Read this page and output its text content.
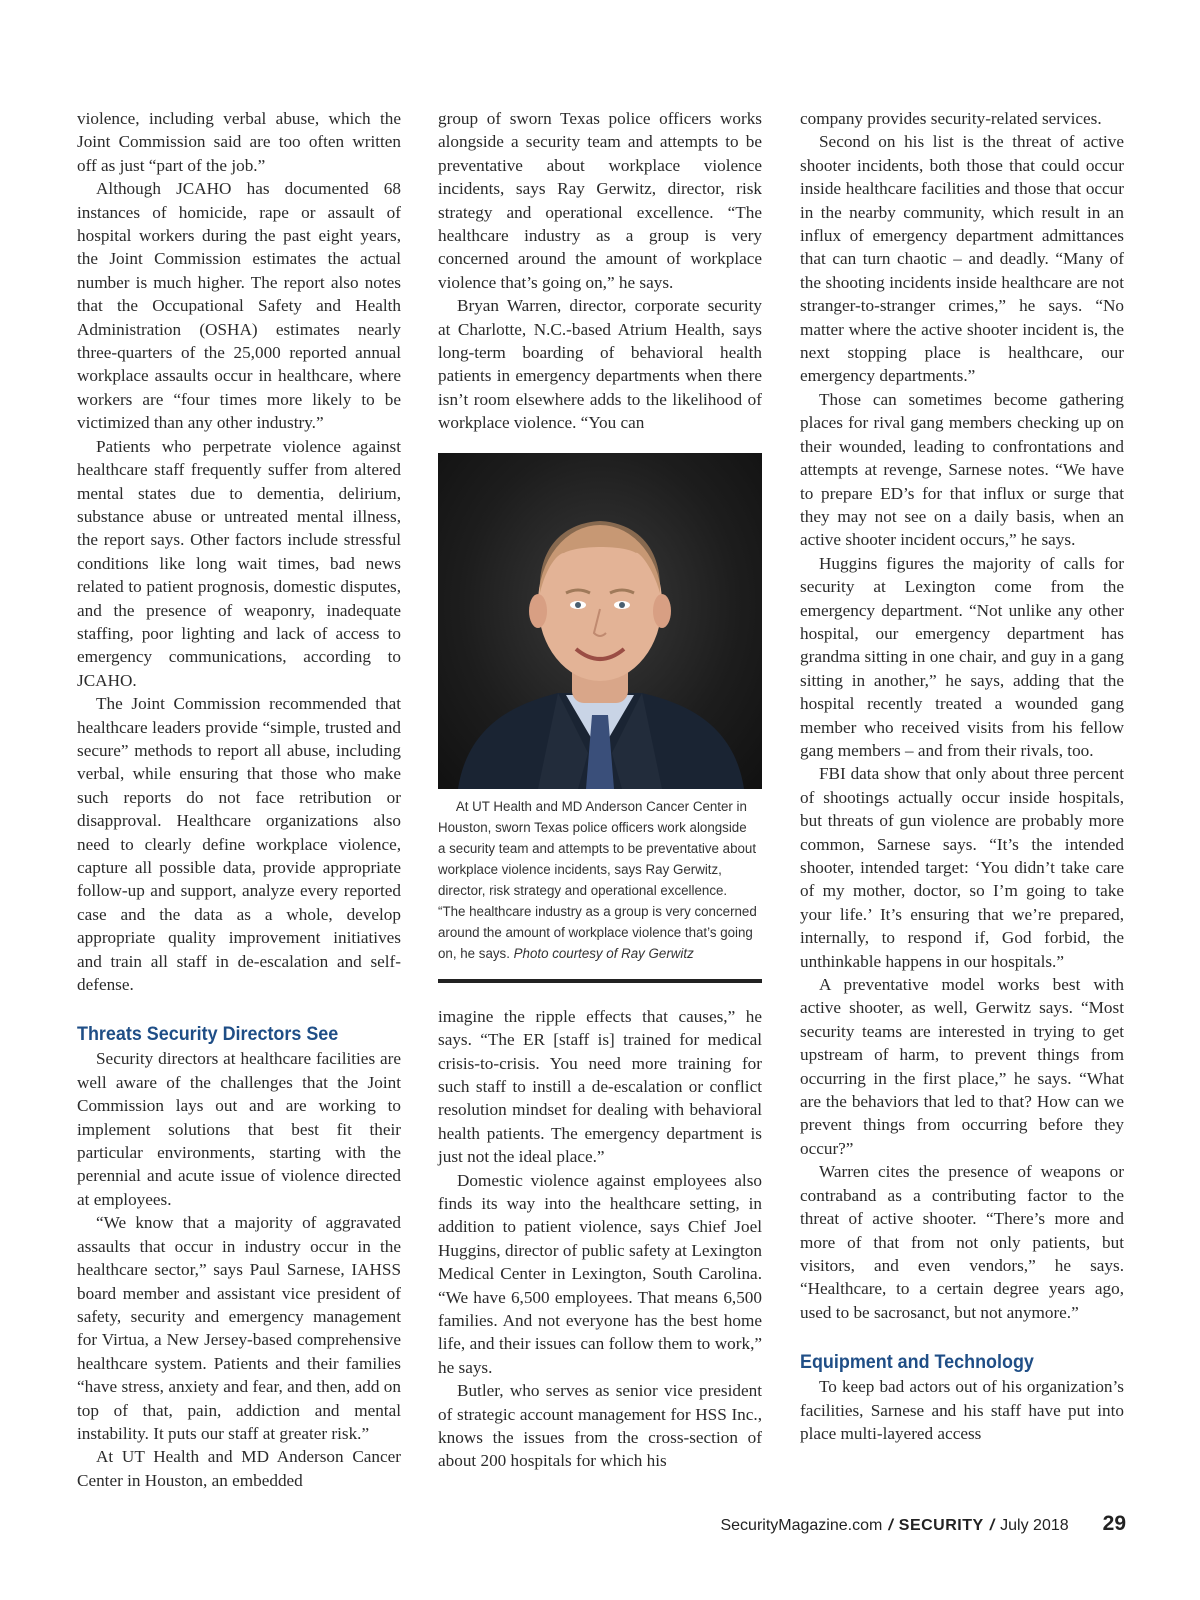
violence, including verbal abuse, which the Joint Commission said are too often written off as just “part of the job.”

Although JCAHO has documented 68 instances of homicide, rape or assault of hospital workers during the past eight years, the Joint Commission estimates the actual number is much higher. The report also notes that the Occupational Safety and Health Administration (OSHA) estimates nearly three-quarters of the 25,000 reported annual workplace assaults occur in healthcare, where workers are “four times more likely to be victimized than any other industry.”

Patients who perpetrate violence against healthcare staff frequently suffer from altered mental states due to dementia, delirium, substance abuse or untreated mental illness, the report says. Other factors include stressful conditions like long wait times, bad news related to patient prognosis, domestic disputes, and the presence of weaponry, inadequate staffing, poor lighting and lack of access to emergency communications, according to JCAHO.

The Joint Commission recommended that healthcare leaders provide “simple, trusted and secure” methods to report all abuse, including verbal, while ensuring that those who make such reports do not face retribution or disapproval. Healthcare organizations also need to clearly define workplace violence, capture all possible data, provide appropriate follow-up and support, analyze every reported case and the data as a whole, develop appropriate quality improvement initiatives and train all staff in de-escalation and self-defense.

Threats Security Directors See

Security directors at healthcare facilities are well aware of the challenges that the Joint Commission lays out and are working to implement solutions that best fit their particular environments, starting with the perennial and acute issue of violence directed at employees.

“We know that a majority of aggravated assaults that occur in industry occur in the healthcare sector,” says Paul Sarnese, IAHSS board member and assistant vice president of safety, security and emergency management for Virtua, a New Jersey-based comprehensive healthcare system. Patients and their families “have stress, anxiety and fear, and then, add on top of that, pain, addiction and mental instability. It puts our staff at greater risk.”

At UT Health and MD Anderson Cancer Center in Houston, an embedded

group of sworn Texas police officers works alongside a security team and attempts to be preventative about workplace violence incidents, says Ray Gerwitz, director, risk strategy and operational excellence. “The healthcare industry as a group is very concerned around the amount of workplace violence that’s going on,” he says.

Bryan Warren, director, corporate security at Charlotte, N.C.-based Atrium Health, says long-term boarding of behavioral health patients in emergency departments when there isn’t room elsewhere adds to the likelihood of workplace violence. “You can

At UT Health and MD Anderson Cancer Center in Houston, sworn Texas police officers work alongside a security team and attempts to be preventative about workplace violence incidents, says Ray Gerwitz, director, risk strategy and operational excellence. “The healthcare industry as a group is very concerned around the amount of workplace violence that’s going on, he says. Photo courtesy of Ray Gerwitz

imagine the ripple effects that causes,” he says. “The ER [staff is] trained for medical crisis-to-crisis. You need more training for such staff to instill a de-escalation or conflict resolution mindset for dealing with behavioral health patients. The emergency department is just not the ideal place.”

Domestic violence against employees also finds its way into the healthcare setting, in addition to patient violence, says Chief Joel Huggins, director of public safety at Lexington Medical Center in Lexington, South Carolina. “We have 6,500 employees. That means 6,500 families. And not everyone has the best home life, and their issues can follow them to work,” he says.

Butler, who serves as senior vice president of strategic account management for HSS Inc., knows the issues from the cross-section of about 200 hospitals for which his

company provides security-related services.

Second on his list is the threat of active shooter incidents, both those that could occur inside healthcare facilities and those that occur in the nearby community, which result in an influx of emergency department admittances that can turn chaotic – and deadly. “Many of the shooting incidents inside healthcare are not stranger-to-stranger crimes,” he says. “No matter where the active shooter incident is, the next stopping place is healthcare, our emergency departments.”

Those can sometimes become gathering places for rival gang members checking up on their wounded, leading to confrontations and attempts at revenge, Sarnese notes. “We have to prepare ED’s for that influx or surge that they may not see on a daily basis, when an active shooter incident occurs,” he says.

Huggins figures the majority of calls for security at Lexington come from the emergency department. “Not unlike any other hospital, our emergency department has grandma sitting in one chair, and guy in a gang sitting in another,” he says, adding that the hospital recently treated a wounded gang member who received visits from his fellow gang members – and from their rivals, too.

FBI data show that only about three percent of shootings actually occur inside hospitals, but threats of gun violence are probably more common, Sarnese says. “It’s the intended shooter, intended target: ‘You didn’t take care of my mother, doctor, so I’m going to take your life.’ It’s ensuring that we’re prepared, internally, to respond if, God forbid, the unthinkable happens in our hospitals.”

A preventative model works best with active shooter, as well, Gerwitz says. “Most security teams are interested in trying to get upstream of harm, to prevent things from occurring in the first place,” he says. “What are the behaviors that led to that? How can we prevent things from occurring before they occur?”

Warren cites the presence of weapons or contraband as a contributing factor to the threat of active shooter. “There’s more and more of that from not only patients, but visitors, and even vendors,” he says. “Healthcare, to a certain degree years ago, used to be sacrosanct, but not anymore.”

Equipment and Technology

To keep bad actors out of his organization’s facilities, Sarnese and his staff have put into place multi-layered access

SecurityMagazine.com / SECURITY / July 2018 29
